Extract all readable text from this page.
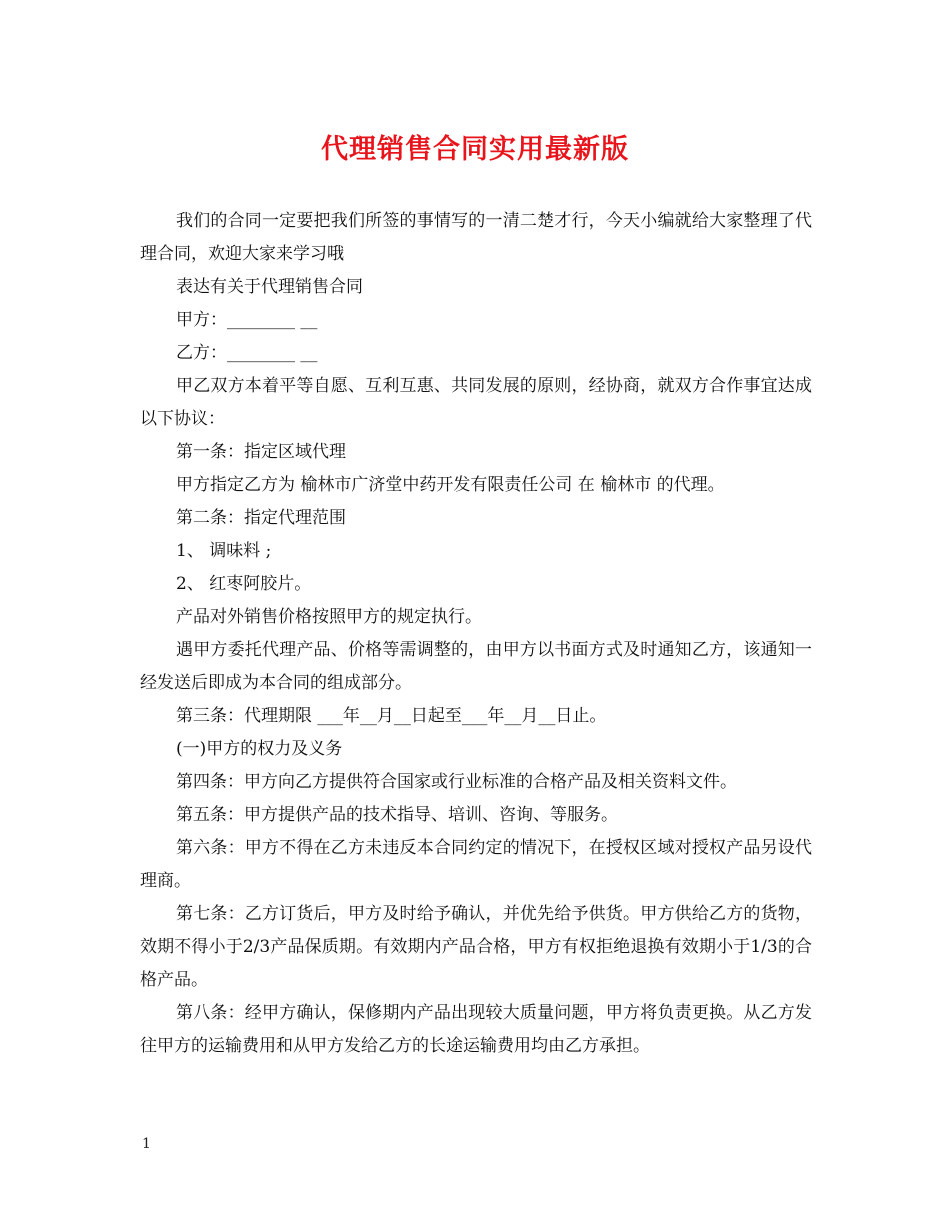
代理销售合同实用最新版

我们的合同一定要把我们所签的事情写的一清二楚才行，今天小编就给大家整理了代理合同，欢迎大家来学习哦

表达有关于代理销售合同

甲方：________ __

乙方：________ __

甲乙双方本着平等自愿、互利互惠、共同发展的原则，经协商，就双方合作事宜达成以下协议：

第一条：指定区域代理

甲方指定乙方为 榆林市广济堂中药开发有限责任公司 在 榆林市 的代理。

第二条：指定代理范围

1、 调味料 ;

2、 红枣阿胶片。

产品对外销售价格按照甲方的规定执行。

遇甲方委托代理产品、价格等需调整的，由甲方以书面方式及时通知乙方，该通知一经发送后即成为本合同的组成部分。

第三条：代理期限 ___年__月__日起至___年__月__日止。

(一)甲方的权力及义务

第四条：甲方向乙方提供符合国家或行业标准的合格产品及相关资料文件。

第五条：甲方提供产品的技术指导、培训、咨询、等服务。

第六条：甲方不得在乙方未违反本合同约定的情况下，在授权区域对授权产品另设代理商。

第七条：乙方订货后，甲方及时给予确认，并优先给予供货。甲方供给乙方的货物，效期不得小于2/3产品保质期。有效期内产品合格，甲方有权拒绝退换有效期小于1/3的合格产品。

第八条：经甲方确认，保修期内产品出现较大质量问题，甲方将负责更换。从乙方发往甲方的运输费用和从甲方发给乙方的长途运输费用均由乙方承担。

1
